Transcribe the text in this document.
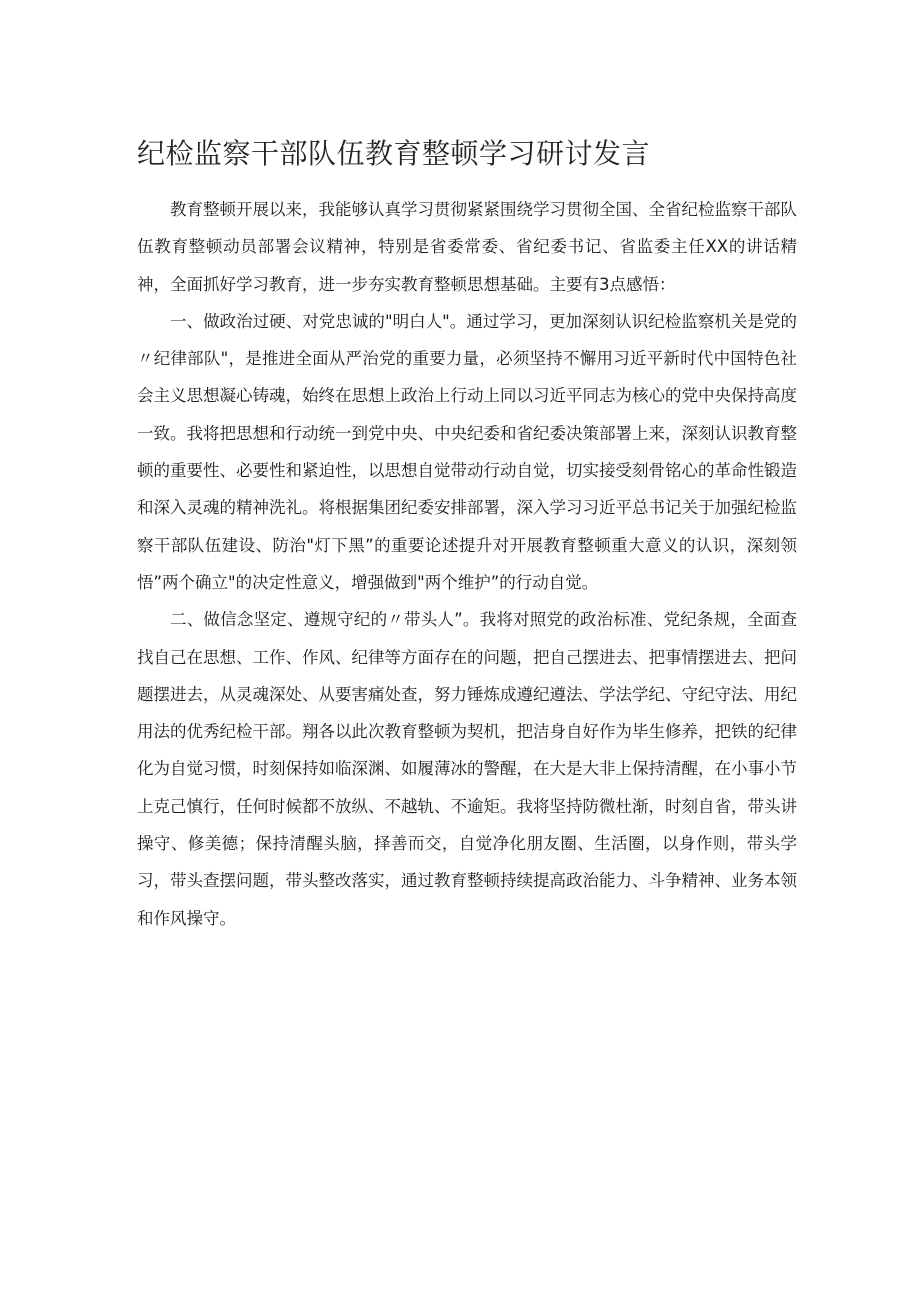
纪检监察干部队伍教育整顿学习研讨发言

教育整顿开展以来，我能够认真学习贯彻紧紧围绕学习贯彻全国、全省纪检监察干部队伍教育整顿动员部署会议精神，特别是省委常委、省纪委书记、省监委主任XX的讲话精神，全面抓好学习教育，进一步夯实教育整顿思想基础。主要有3点感悟：

一、做政治过硬、对党忠诚的"明白人"。通过学习，更加深刻认识纪检监察机关是党的〃纪律部队"，是推进全面从严治党的重要力量，必须坚持不懈用习近平新时代中国特色社会主义思想凝心铸魂，始终在思想上政治上行动上同以习近平同志为核心的党中央保持高度一致。我将把思想和行动统一到党中央、中央纪委和省纪委决策部署上来，深刻认识教育整顿的重要性、必要性和紧迫性，以思想自觉带动行动自觉，切实接受刻骨铭心的革命性锻造和深入灵魂的精神洗礼。将根据集团纪委安排部署，深入学习习近平总书记关于加强纪检监察干部队伍建设、防治"灯下黑”的重要论述提升对开展教育整顿重大意义的认识，深刻领悟”两个确立"的决定性意义，增强做到"两个维护”的行动自觉。

二、做信念坚定、遵规守纪的〃带头人”。我将对照党的政治标准、党纪条规，全面查找自己在思想、工作、作风、纪律等方面存在的问题，把自己摆进去、把事情摆进去、把问题摆进去，从灵魂深处、从要害痛处查，努力锤炼成遵纪遵法、学法学纪、守纪守法、用纪用法的优秀纪检干部。翔各以此次教育整顿为契机，把洁身自好作为毕生修养，把铁的纪律化为自觉习惯，时刻保持如临深渊、如履薄冰的警醒，在大是大非上保持清醒，在小事小节上克己慎行，任何时候都不放纵、不越轨、不逾矩。我将坚持防微杜渐，时刻自省，带头讲操守、修美德；保持清醒头脑，择善而交，自觉净化朋友圈、生活圈，以身作则，带头学习，带头查摆问题，带头整改落实，通过教育整顿持续提高政治能力、斗争精神、业务本领和作风操守。
